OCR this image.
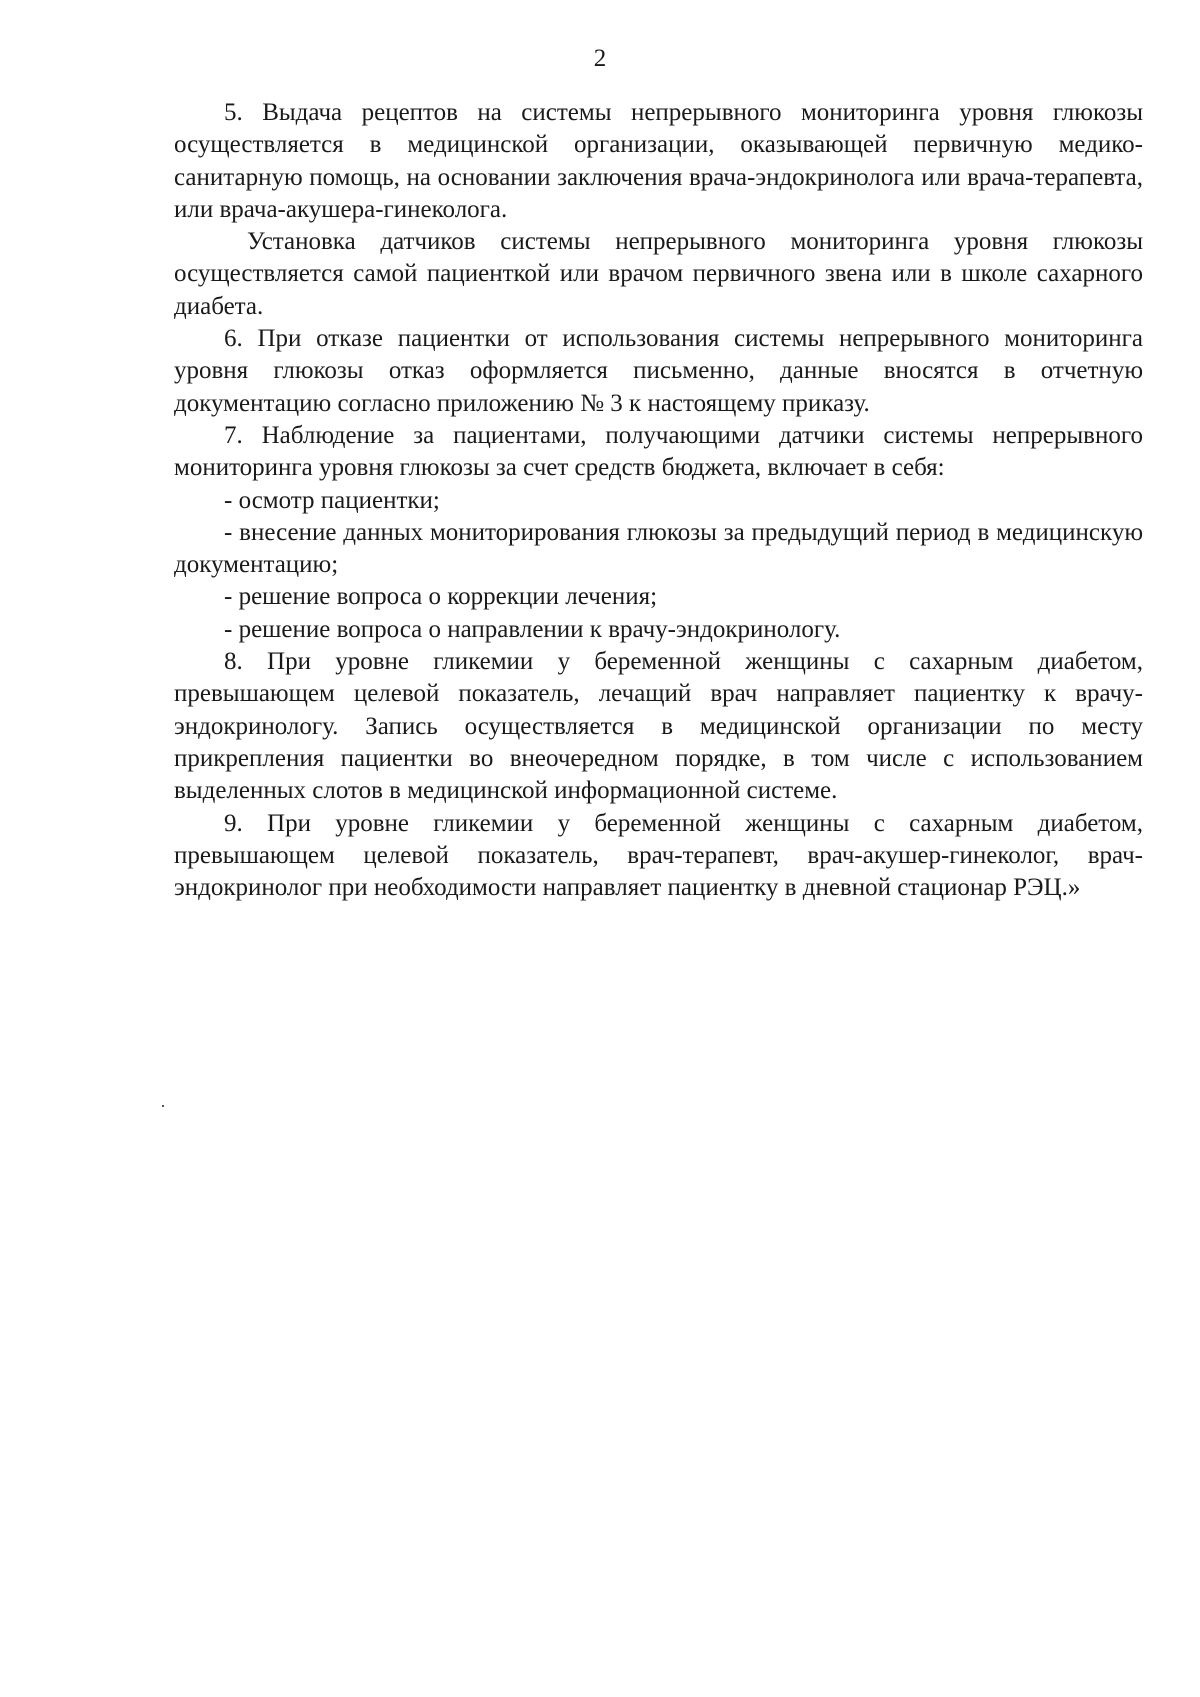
2

5. Выдача рецептов на системы непрерывного мониторинга уровня глюкозы осуществляется в медицинской организации, оказывающей первичную медико-санитарную помощь, на основании заключения врача-эндокринолога или врача-терапевта, или врача-акушера-гинеколога.

Установка датчиков системы непрерывного мониторинга уровня глюкозы осуществляется самой пациенткой или врачом первичного звена или в школе сахарного диабета.

6. При отказе пациентки от использования системы непрерывного мониторинга уровня глюкозы отказ оформляется письменно, данные вносятся в отчетную документацию согласно приложению № 3 к настоящему приказу.

7. Наблюдение за пациентами, получающими датчики системы непрерывного мониторинга уровня глюкозы за счет средств бюджета, включает в себя:

- осмотр пациентки;

- внесение данных мониторирования глюкозы за предыдущий период в медицинскую документацию;

- решение вопроса о коррекции лечения;

- решение вопроса о направлении к врачу-эндокринологу.

8. При уровне гликемии у беременной женщины с сахарным диабетом, превышающем целевой показатель, лечащий врач направляет пациентку к врачу-эндокринологу. Запись осуществляется в медицинской организации по месту прикрепления пациентки во внеочередном порядке, в том числе с использованием выделенных слотов в медицинской информационной системе.

9. При уровне гликемии у беременной женщины с сахарным диабетом, превышающем целевой показатель, врач-терапевт, врач-акушер-гинеколог, врач-эндокринолог при необходимости направляет пациентку в дневной стационар РЭЦ.»
